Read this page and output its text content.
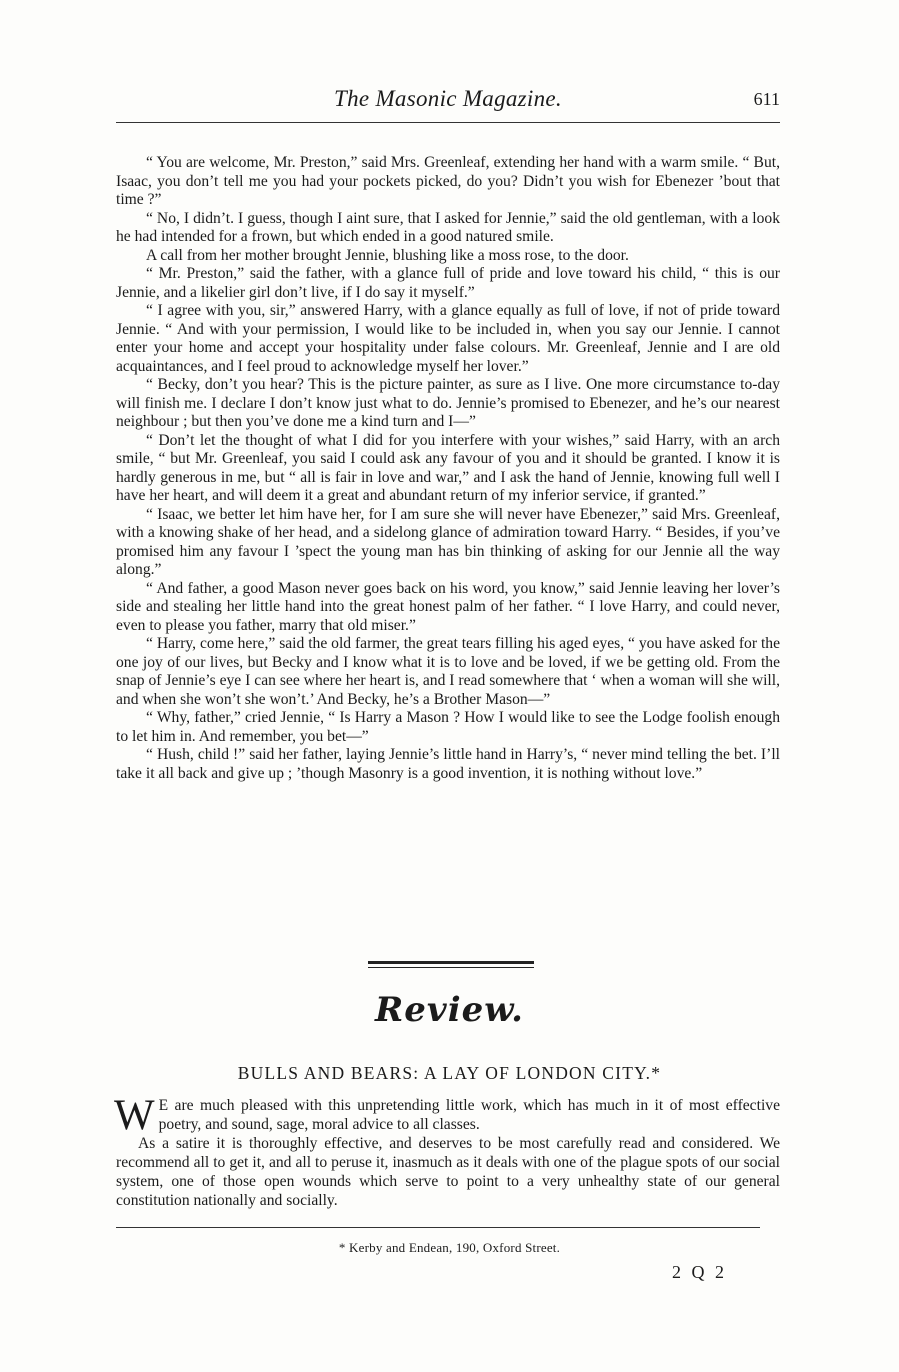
The Masonic Magazine.	611

“ You are welcome, Mr. Preston,” said Mrs. Greenleaf, extending her hand with a warm smile. “ But, Isaac, you don’t tell me you had your pockets picked, do you? Didn’t you wish for Ebenezer ’bout that time ?”

“ No, I didn’t. I guess, though I aint sure, that I asked for Jennie,” said the old gentleman, with a look he had intended for a frown, but which ended in a good natured smile.

A call from her mother brought Jennie, blushing like a moss rose, to the door.

“ Mr. Preston,” said the father, with a glance full of pride and love toward his child, “ this is our Jennie, and a likelier girl don’t live, if I do say it myself.”

“ I agree with you, sir,” answered Harry, with a glance equally as full of love, if not of pride toward Jennie. “ And with your permission, I would like to be included in, when you say our Jennie. I cannot enter your home and accept your hospitality under false colours. Mr. Greenleaf, Jennie and I are old acquaintances, and I feel proud to acknowledge myself her lover.”

“ Becky, don’t you hear? This is the picture painter, as sure as I live. One more circumstance to-day will finish me. I declare I don’t know just what to do. Jennie’s promised to Ebenezer, and he’s our nearest neighbour ; but then you’ve done me a kind turn and I—”

“ Don’t let the thought of what I did for you interfere with your wishes,” said Harry, with an arch smile, “ but Mr. Greenleaf, you said I could ask any favour of you and it should be granted. I know it is hardly generous in me, but “ all is fair in love and war,” and I ask the hand of Jennie, knowing full well I have her heart, and will deem it a great and abundant return of my inferior service, if granted.”

“ Isaac, we better let him have her, for I am sure she will never have Ebenezer,” said Mrs. Greenleaf, with a knowing shake of her head, and a sidelong glance of admiration toward Harry. “ Besides, if you’ve promised him any favour I ’spect the young man has bin thinking of asking for our Jennie all the way along.”

“ And father, a good Mason never goes back on his word, you know,” said Jennie leaving her lover’s side and stealing her little hand into the great honest palm of her father. “ I love Harry, and could never, even to please you father, marry that old miser.”

“ Harry, come here,” said the old farmer, the great tears filling his aged eyes, “ you have asked for the one joy of our lives, but Becky and I know what it is to love and be loved, if we be getting old. From the snap of Jennie’s eye I can see where her heart is, and I read somewhere that ‘ when a woman will she will, and when she won’t she won’t.’ And Becky, he’s a Brother Mason—”

“ Why, father,” cried Jennie, “ Is Harry a Mason ? How I would like to see the Lodge foolish enough to let him in. And remember, you bet—”

“ Hush, child !” said her father, laying Jennie’s little hand in Harry’s, “ never mind telling the bet. I’ll take it all back and give up ; ’though Masonry is a good invention, it is nothing without love.”

Review.
BULLS AND BEARS: A LAY OF LONDON CITY.*

W E are much pleased with this unpretending little work, which has much in it of most effective poetry, and sound, sage, moral advice to all classes.

As a satire it is thoroughly effective, and deserves to be most carefully read and considered. We recommend all to get it, and all to peruse it, inasmuch as it deals with one of the plague spots of our social system, one of those open wounds which serve to point to a very unhealthy state of our general constitution nationally and socially.

* Kerby and Endean, 190, Oxford Street.
2 Q 2
